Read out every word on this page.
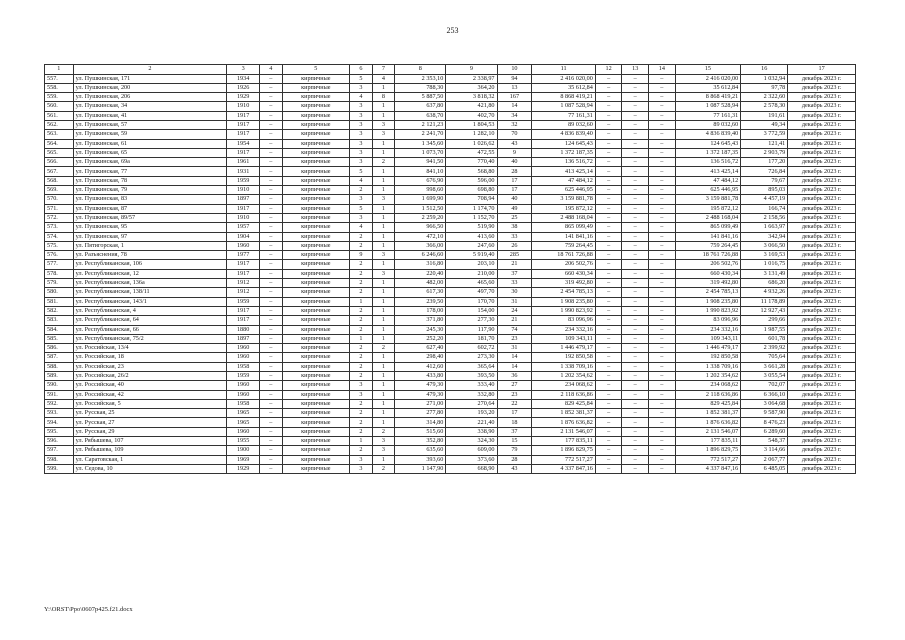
253
1	2	3	4	5	6	7	8	9	10	11	12	13	14	15	16	17
557.	ул. Пушкинская, 171	1934	–	кирпичные	5	4	2 353,10	2 338,97	94	2 416 020,00	–	–	–	2 416 020,00	1 032,94	декабрь 2023 г.
558.	ул. Пушкинская, 200	1926	–	кирпичные	3	1	788,30	364,20	13	35 612,84	–	–	–	35 612,84	97,78	декабрь 2023 г.
559.	ул. Пушкинская, 206	1929	–	кирпичные	4	8	5 887,50	3 818,32	167	8 868 419,21	–	–	–	8 868 419,21	2 322,60	декабрь 2023 г.
560.	ул. Пушкинская, 34	1910	–	кирпичные	3	1	637,80	421,80	14	1 087 528,94	–	–	–	1 087 528,94	2 578,30	декабрь 2023 г.
561.	ул. Пушкинская, 41	1917	–	кирпичные	3	1	638,70	402,70	34	77 161,31	–	–	–	77 161,31	191,61	декабрь 2023 г.
562.	ул. Пушкинская, 57	1917	–	кирпичные	3	3	2 121,23	1 804,53	32	89 032,60	–	–	–	89 032,60	49,34	декабрь 2023 г.
563.	ул. Пушкинская, 59	1917	–	кирпичные	3	3	2 241,70	1 282,10	70	4 836 839,40	–	–	–	4 836 839,40	3 772,59	декабрь 2023 г.
564.	ул. Пушкинская, 61	1954	–	кирпичные	3	1	1 345,60	1 026,62	43	124 645,43	–	–	–	124 645,43	121,41	декабрь 2023 г.
565.	ул. Пушкинская, 65	1917	–	кирпичные	3	1	1 073,70	472,55	9	1 372 187,35	–	–	–	1 372 187,35	2 903,79	декабрь 2023 г.
566.	ул. Пушкинская, 69а	1961	–	кирпичные	3	2	941,50	770,40	40	136 516,72	–	–	–	136 516,72	177,20	декабрь 2023 г.
567.	ул. Пушкинская, 77	1931	–	кирпичные	5	1	841,10	568,80	28	413 425,14	–	–	–	413 425,14	726,84	декабрь 2023 г.
568.	ул. Пушкинская, 78	1959	–	кирпичные	4	1	676,90	596,00	17	47 484,12	–	–	–	47 484,12	79,67	декабрь 2023 г.
569.	ул. Пушкинская, 79	1910	–	кирпичные	2	1	998,60	698,80	17	625 446,95	–	–	–	625 446,95	895,03	декабрь 2023 г.
570.	ул. Пушкинская, 83	1897	–	кирпичные	3	3	1 699,90	708,94	40	3 159 881,78	–	–	–	3 159 881,78	4 457,19	декабрь 2023 г.
571.	ул. Пушкинская, 87	1917	–	кирпичные	5	1	1 512,50	1 174,70	49	195 872,12	–	–	–	195 872,12	166,74	декабрь 2023 г.
572.	ул. Пушкинская, 89/57	1910	–	кирпичные	3	1	2 259,20	1 152,70	25	2 488 168,04	–	–	–	2 488 168,04	2 158,56	декабрь 2023 г.
573.	ул. Пушкинская, 95	1957	–	кирпичные	4	1	966,50	519,90	38	865 099,49	–	–	–	865 099,49	1 663,97	декабрь 2023 г.
574.	ул. Пушкинская, 97	1904	–	кирпичные	2	1	472,10	413,60	33	141 841,16	–	–	–	141 841,16	342,94	декабрь 2023 г.
575.	ул. Пятигорская, 1	1960	–	кирпичные	2	1	366,00	247,60	26	759 264,45	–	–	–	759 264,45	3 066,50	декабрь 2023 г.
576.	ул. Разъяснения, 78	1977	–	кирпичные	9	3	6 246,60	5 919,40	285	18 761 726,88	–	–	–	18 761 726,88	3 169,53	декабрь 2023 г.
577.	ул. Республиканская, 106	1917	–	кирпичные	2	1	316,80	203,10	21	206 502,76	–	–	–	206 502,76	1 016,75	декабрь 2023 г.
578.	ул. Республиканская, 12	1917	–	кирпичные	2	3	220,40	210,00	37	660 430,34	–	–	–	660 430,34	3 131,49	декабрь 2023 г.
579.	ул. Республиканская, 136а	1912	–	кирпичные	2	1	482,00	465,60	33	319 492,80	–	–	–	319 492,80	686,20	декабрь 2023 г.
580.	ул. Республиканская, 138/11	1912	–	кирпичные	2	1	617,30	497,70	30	2 454 785,13	–	–	–	2 454 785,13	4 932,26	декабрь 2023 г.
581.	ул. Республиканская, 143/1	1959	–	кирпичные	1	1	239,50	170,70	31	1 908 235,80	–	–	–	1 908 235,80	11 178,89	декабрь 2023 г.
582.	ул. Республиканская, 4	1917	–	кирпичные	2	1	178,00	154,00	24	1 990 823,92	–	–	–	1 990 823,92	12 927,43	декабрь 2023 г.
583.	ул. Республиканская, 64	1917	–	кирпичные	2	1	371,80	277,30	21	83 096,96	–	–	–	83 096,96	299,66	декабрь 2023 г.
584.	ул. Республиканская, 66	1880	–	кирпичные	2	1	245,30	117,90	74	234 332,16	–	–	–	234 332,16	1 987,55	декабрь 2023 г.
585.	ул. Республиканская, 75/2	1897	–	кирпичные	1	1	252,20	181,70	23	109 343,11	–	–	–	109 343,11	601,78	декабрь 2023 г.
586.	ул. Российская, 13/4	1960	–	кирпичные	2	2	627,40	602,72	31	1 446 479,17	–	–	–	1 446 479,17	2 399,92	декабрь 2023 г.
587.	ул. Российская, 18	1960	–	кирпичные	2	1	298,40	273,30	14	192 850,58	–	–	–	192 850,58	705,64	декабрь 2023 г.
588.	ул. Российская, 23	1958	–	кирпичные	2	1	412,60	365,64	14	1 338 709,16	–	–	–	1 338 709,16	3 661,28	декабрь 2023 г.
589.	ул. Российская, 26/2	1959	–	кирпичные	2	1	433,80	393,50	36	1 202 354,62	–	–	–	1 202 354,62	3 055,54	декабрь 2023 г.
590.	ул. Российская, 40	1960	–	кирпичные	3	1	479,30	333,40	27	234 068,62	–	–	–	234 068,62	702,07	декабрь 2023 г.
591.	ул. Российская, 42	1960	–	кирпичные	3	1	479,30	332,80	23	2 118 636,86	–	–	–	2 118 636,86	6 366,10	декабрь 2023 г.
592.	ул. Российская, 5	1958	–	кирпичные	2	1	271,00	270,64	22	829 425,84	–	–	–	829 425,84	3 064,68	декабрь 2023 г.
593.	ул. Русская, 25	1965	–	кирпичные	2	1	277,80	193,20	17	1 852 381,37	–	–	–	1 852 381,37	9 587,90	декабрь 2023 г.
594.	ул. Русская, 27	1965	–	кирпичные	2	1	314,80	221,40	18	1 876 636,82	–	–	–	1 876 636,82	8 476,23	декабрь 2023 г.
595.	ул. Русская, 29	1960	–	кирпичные	2	2	515,60	338,90	37	2 131 546,07	–	–	–	2 131 546,07	6 289,60	декабрь 2023 г.
596.	ул. Рябышева, 107	1955	–	кирпичные	1	3	352,80	324,30	15	177 835,11	–	–	–	177 835,11	548,37	декабрь 2023 г.
597.	ул. Рябышева, 109	1900	–	кирпичные	2	3	635,60	609,00	79	1 896 829,75	–	–	–	1 896 829,75	3 114,66	декабрь 2023 г.
598.	ул. Саратовская, 1	1969	–	кирпичные	3	1	393,60	373,60	28	772 517,27	–	–	–	772 517,27	2 067,77	декабрь 2023 г.
599.	ул. Седова, 10	1929	–	кирпичные	3	2	1 147,90	668,90	43	4 337 847,16	–	–	–	4 337 847,16	6 485,05	декабрь 2023 г.
Y:\ORST\Ppo\0607p425.f21.docx
